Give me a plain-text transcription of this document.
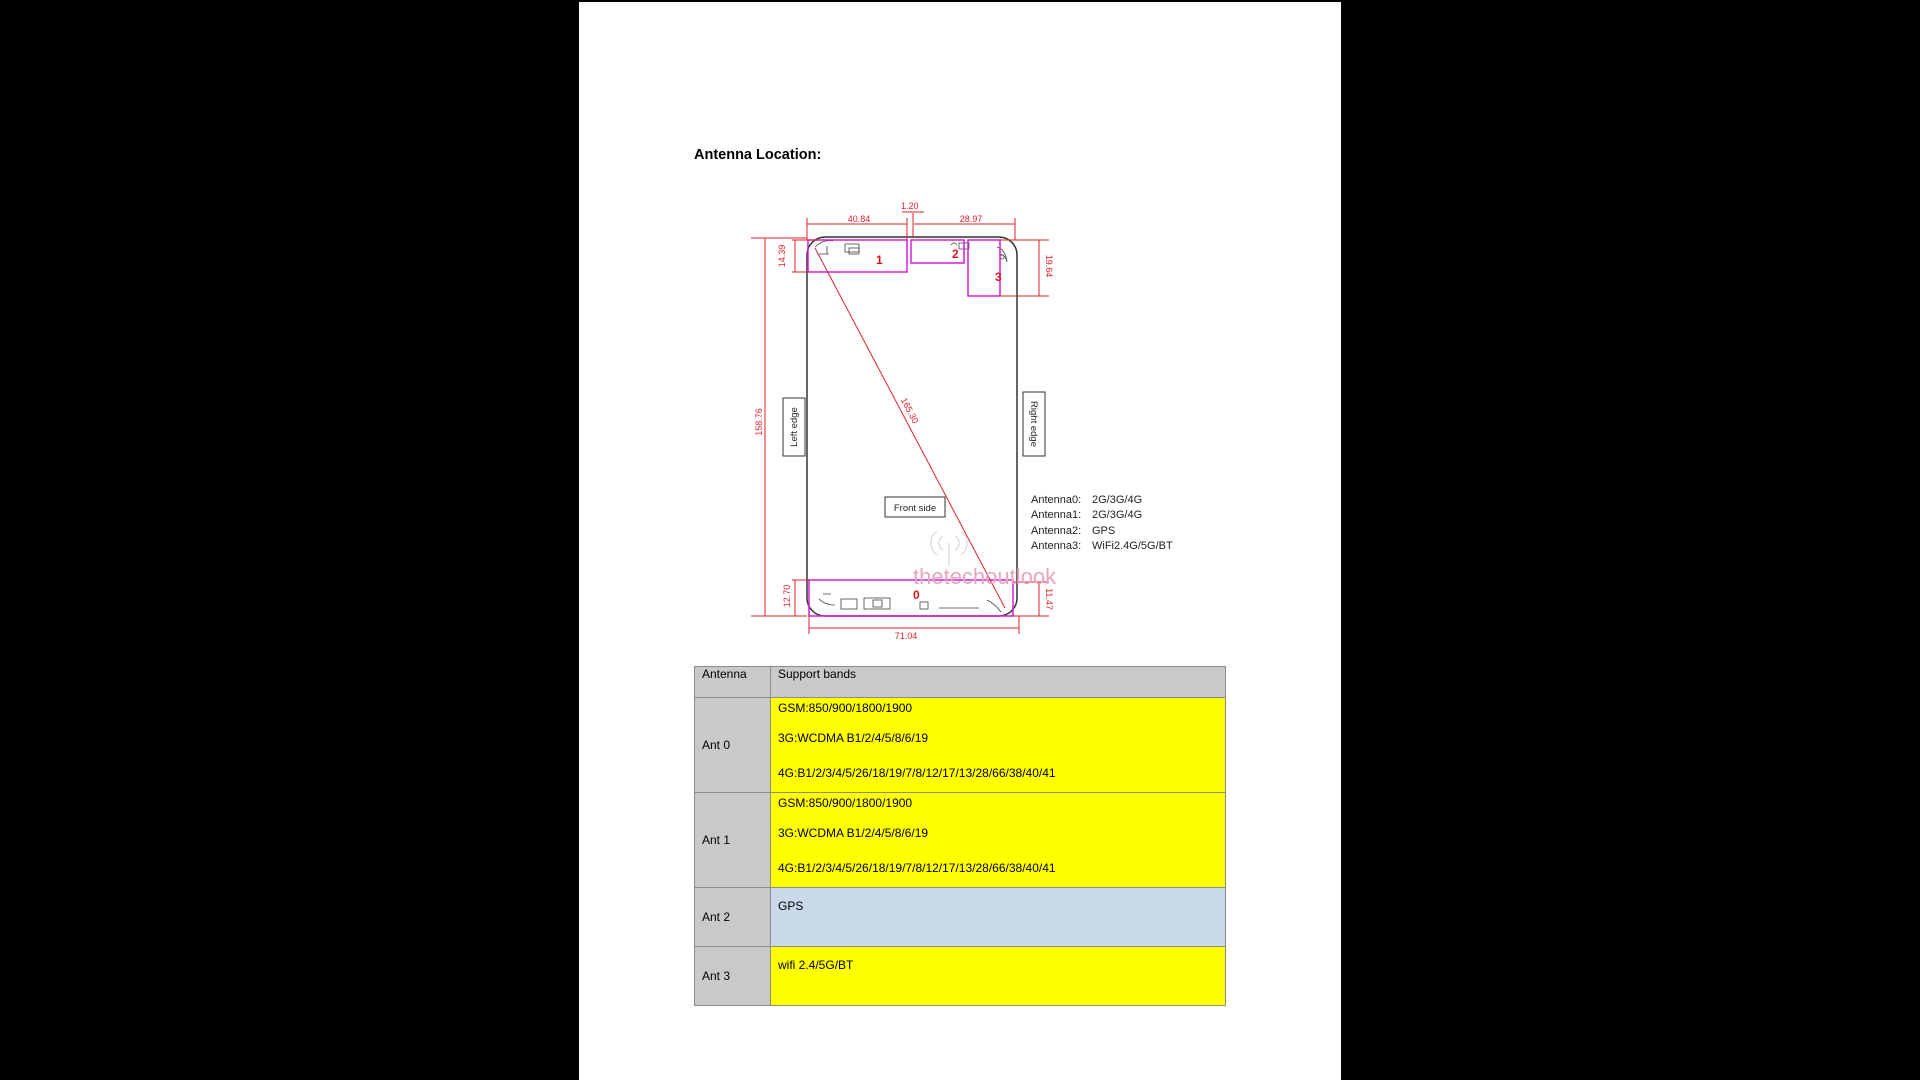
Antenna Location:
1	2
3
0
1.20
40.84	28.97
14.39	19.64
158.76	165.30
12.70	11.47
71.04
Left edge	Right edge
Front side
thetechoutlook
Antenna0: 2G/3G/4G
Antenna1: 2G/3G/4G
Antenna2: GPS
Antenna3: WiFi2.4G/5G/BT
Antenna	Support bands
Ant 0	GSM:850/900/1800/1900
3G:WCDMA B1/2/4/5/8/6/19
4G:B1/2/3/4/5/26/18/19/7/8/12/17/13/28/66/38/40/41

Ant 1	GSM:850/900/1800/1900
3G:WCDMA B1/2/4/5/8/6/19
4G:B1/2/3/4/5/26/18/19/7/8/12/17/13/28/66/38/40/41

Ant 2	GPS
Ant 3	wifi 2.4/5G/BT
